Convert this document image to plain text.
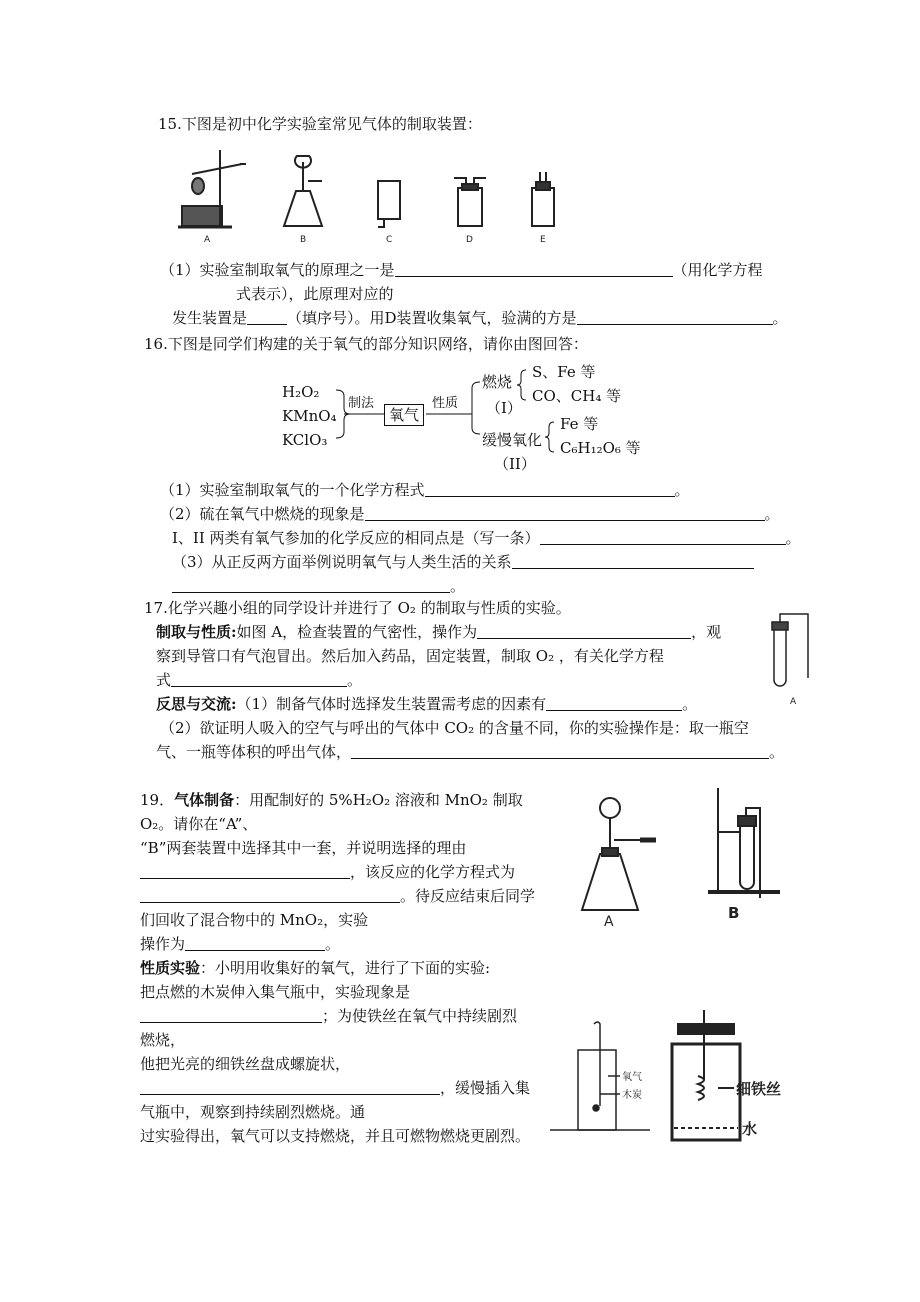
15.下图是初中化学实验室常见气体的制取装置：
A	B	C	D	E
（1）实验室制取氧气的原理之一是	（用化学方程
式表示），此原理对应的
发生装置是	（填序号）。用D装置收集氧气，验满的方是	。
16.下图是同学们构建的关于氧气的部分知识网络，请你由图回答：
H₂O₂
KMnO₄
KClO₃
制法
氧气
性质
燃烧
（I）
S、Fe 等
CO、CH₄ 等
缓慢氧化
（II）
Fe 等
C₆H₁₂O₆ 等
（1）实验室制取氧气的一个化学方程式	。
（2）硫在氧气中燃烧的现象是	。
I、II 两类有氧气参加的化学反应的相同点是（写一条）	。
（3）从正反两方面举例说明氧气与人类生活的关系
。
17.化学兴趣小组的同学设计并进行了 O₂ 的制取与性质的实验。
制取与性质:如图 A，检查装置的气密性，操作为	，观
察到导管口有气泡冒出。然后加入药品，固定装置，制取 O₂ ，有关化学方程
式	。
反思与交流:（1）制备气体时选择发生装置需考虑的因素有	。
（2）欲证明人吸入的空气与呼出的气体中 CO₂ 的含量不同，你的实验操作是：取一瓶空
气、一瓶等体积的呼出气体，	。
A
19．气体制备：用配制好的 5%H₂O₂ 溶液和 MnO₂ 制取
O₂。请你在“A”、
“B”两套装置中选择其中一套，并说明选择的理由
，该反应的化学方程式为
。待反应结束后同学
们回收了混合物中的 MnO₂，实验
操作为	。
性质实验：小明用收集好的氧气，进行了下面的实验:
把点燃的木炭伸入集气瓶中，实验现象是
；为使铁丝在氧气中持续剧烈
燃烧，
他把光亮的细铁丝盘成螺旋状，
，缓慢插入集
气瓶中，观察到持续剧烈燃烧。通
过实验得出，氧气可以支持燃烧，并且可燃物燃烧更剧烈。
A	B
氧气
木炭	细铁丝
水
